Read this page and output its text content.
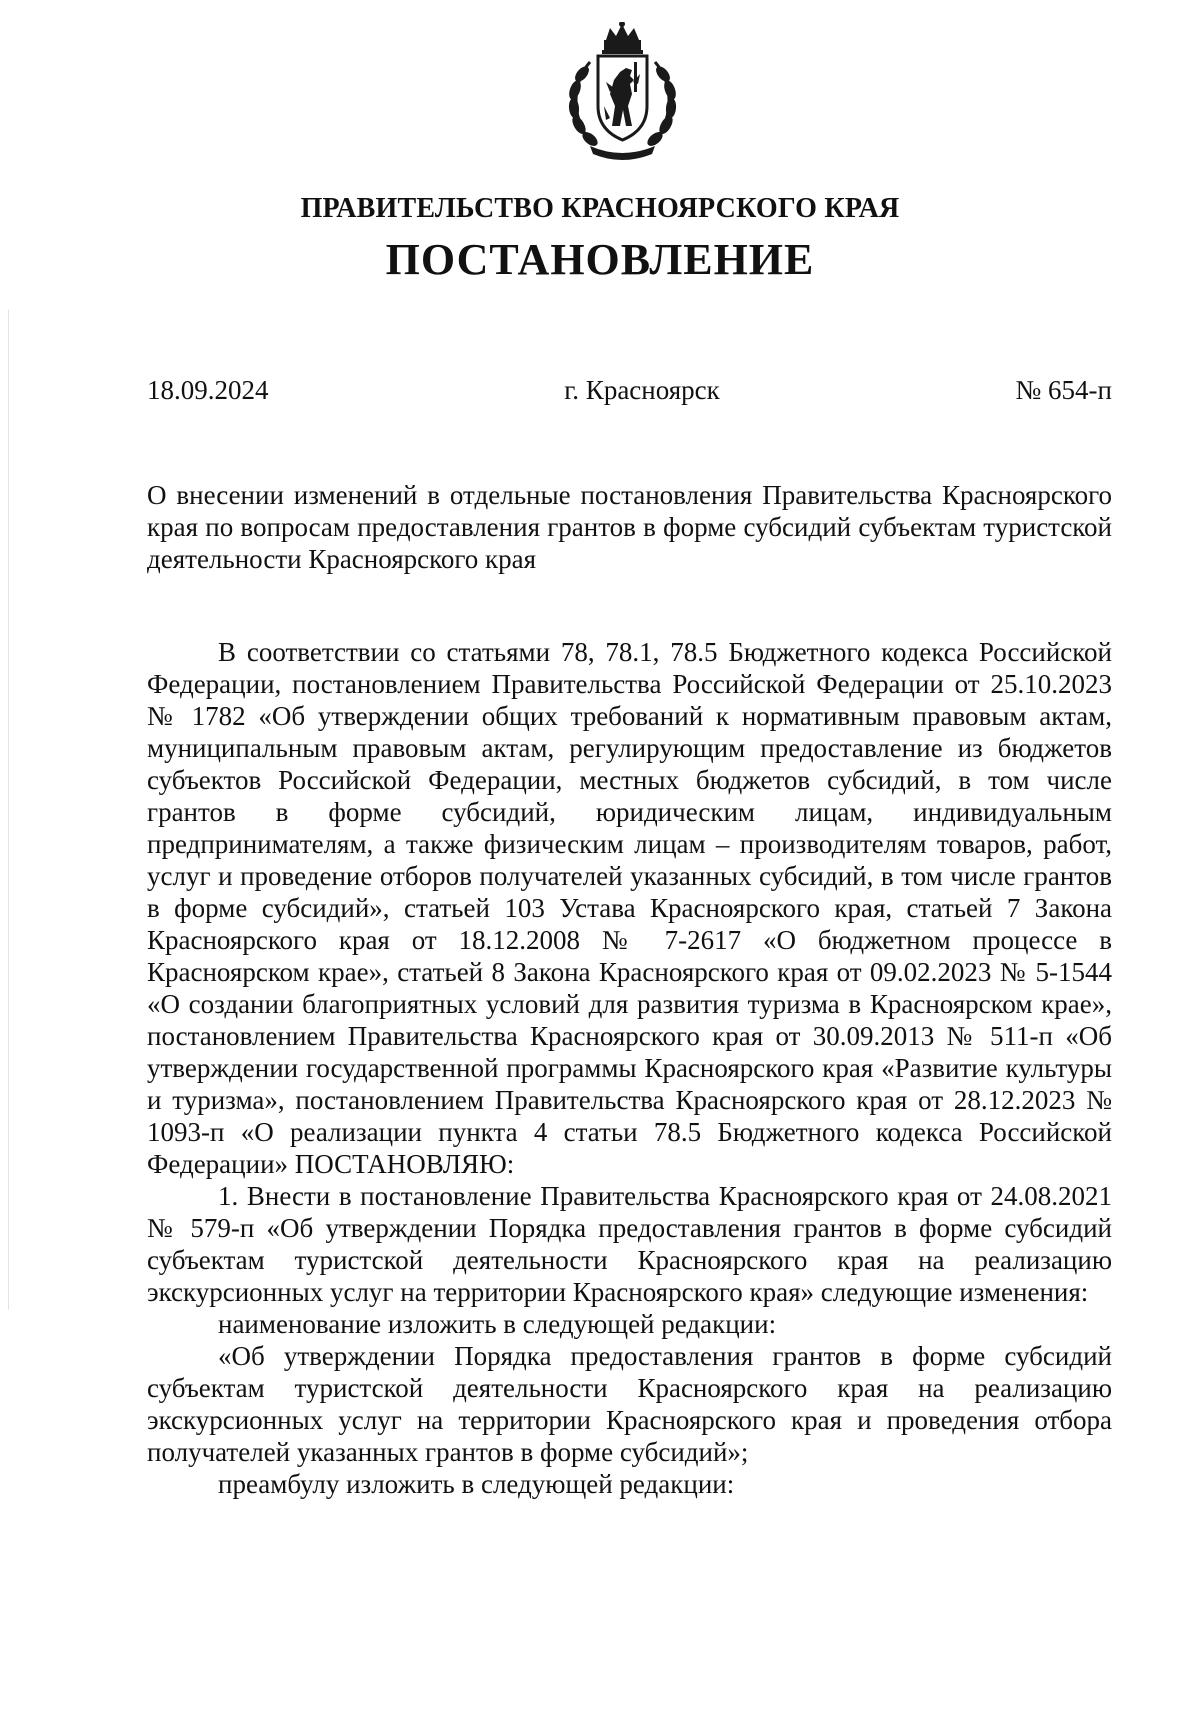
ПРАВИТЕЛЬСТВО КРАСНОЯРСКОГО КРАЯ
ПОСТАНОВЛЕНИЕ
18.09.2024	г. Красноярск	№ 654-п
О внесении изменений в отдельные постановления Правительства Красноярского края по вопросам предоставления грантов в форме субсидий субъектам туристской деятельности Красноярского края

В соответствии со статьями 78, 78.1, 78.5 Бюджетного кодекса Российской Федерации, постановлением Правительства Российской Федерации от 25.10.2023 № 1782 «Об утверждении общих требований к нормативным правовым актам, муниципальным правовым актам, регулирующим предоставление из бюджетов субъектов Российской Федерации, местных бюджетов субсидий, в том числе грантов в форме субсидий, юридическим лицам, индивидуальным предпринимателям, а также физическим лицам – производителям товаров, работ, услуг и проведение отборов получателей указанных субсидий, в том числе грантов в форме субсидий», статьей 103 Устава Красноярского края, статьей 7 Закона Красноярского края от 18.12.2008 № 7-2617 «О бюджетном процессе в Красноярском крае», статьей 8 Закона Красноярского края от 09.02.2023 № 5-1544 «О создании благоприятных условий для развития туризма в Красноярском крае», постановлением Правительства Красноярского края от 30.09.2013 № 511-п «Об утверждении государственной программы Красноярского края «Развитие культуры и туризма», постановлением Правительства Красноярского края от 28.12.2023 № 1093-п «О реализации пункта 4 статьи 78.5 Бюджетного кодекса Российской Федерации» ПОСТАНОВЛЯЮ:

1. Внести в постановление Правительства Красноярского края от 24.08.2021 № 579-п «Об утверждении Порядка предоставления грантов в форме субсидий субъектам туристской деятельности Красноярского края на реализацию экскурсионных услуг на территории Красноярского края» следующие изменения:

наименование изложить в следующей редакции:

«Об утверждении Порядка предоставления грантов в форме субсидий субъектам туристской деятельности Красноярского края на реализацию экскурсионных услуг на территории Красноярского края и проведения отбора получателей указанных грантов в форме субсидий»;

преамбулу изложить в следующей редакции:
